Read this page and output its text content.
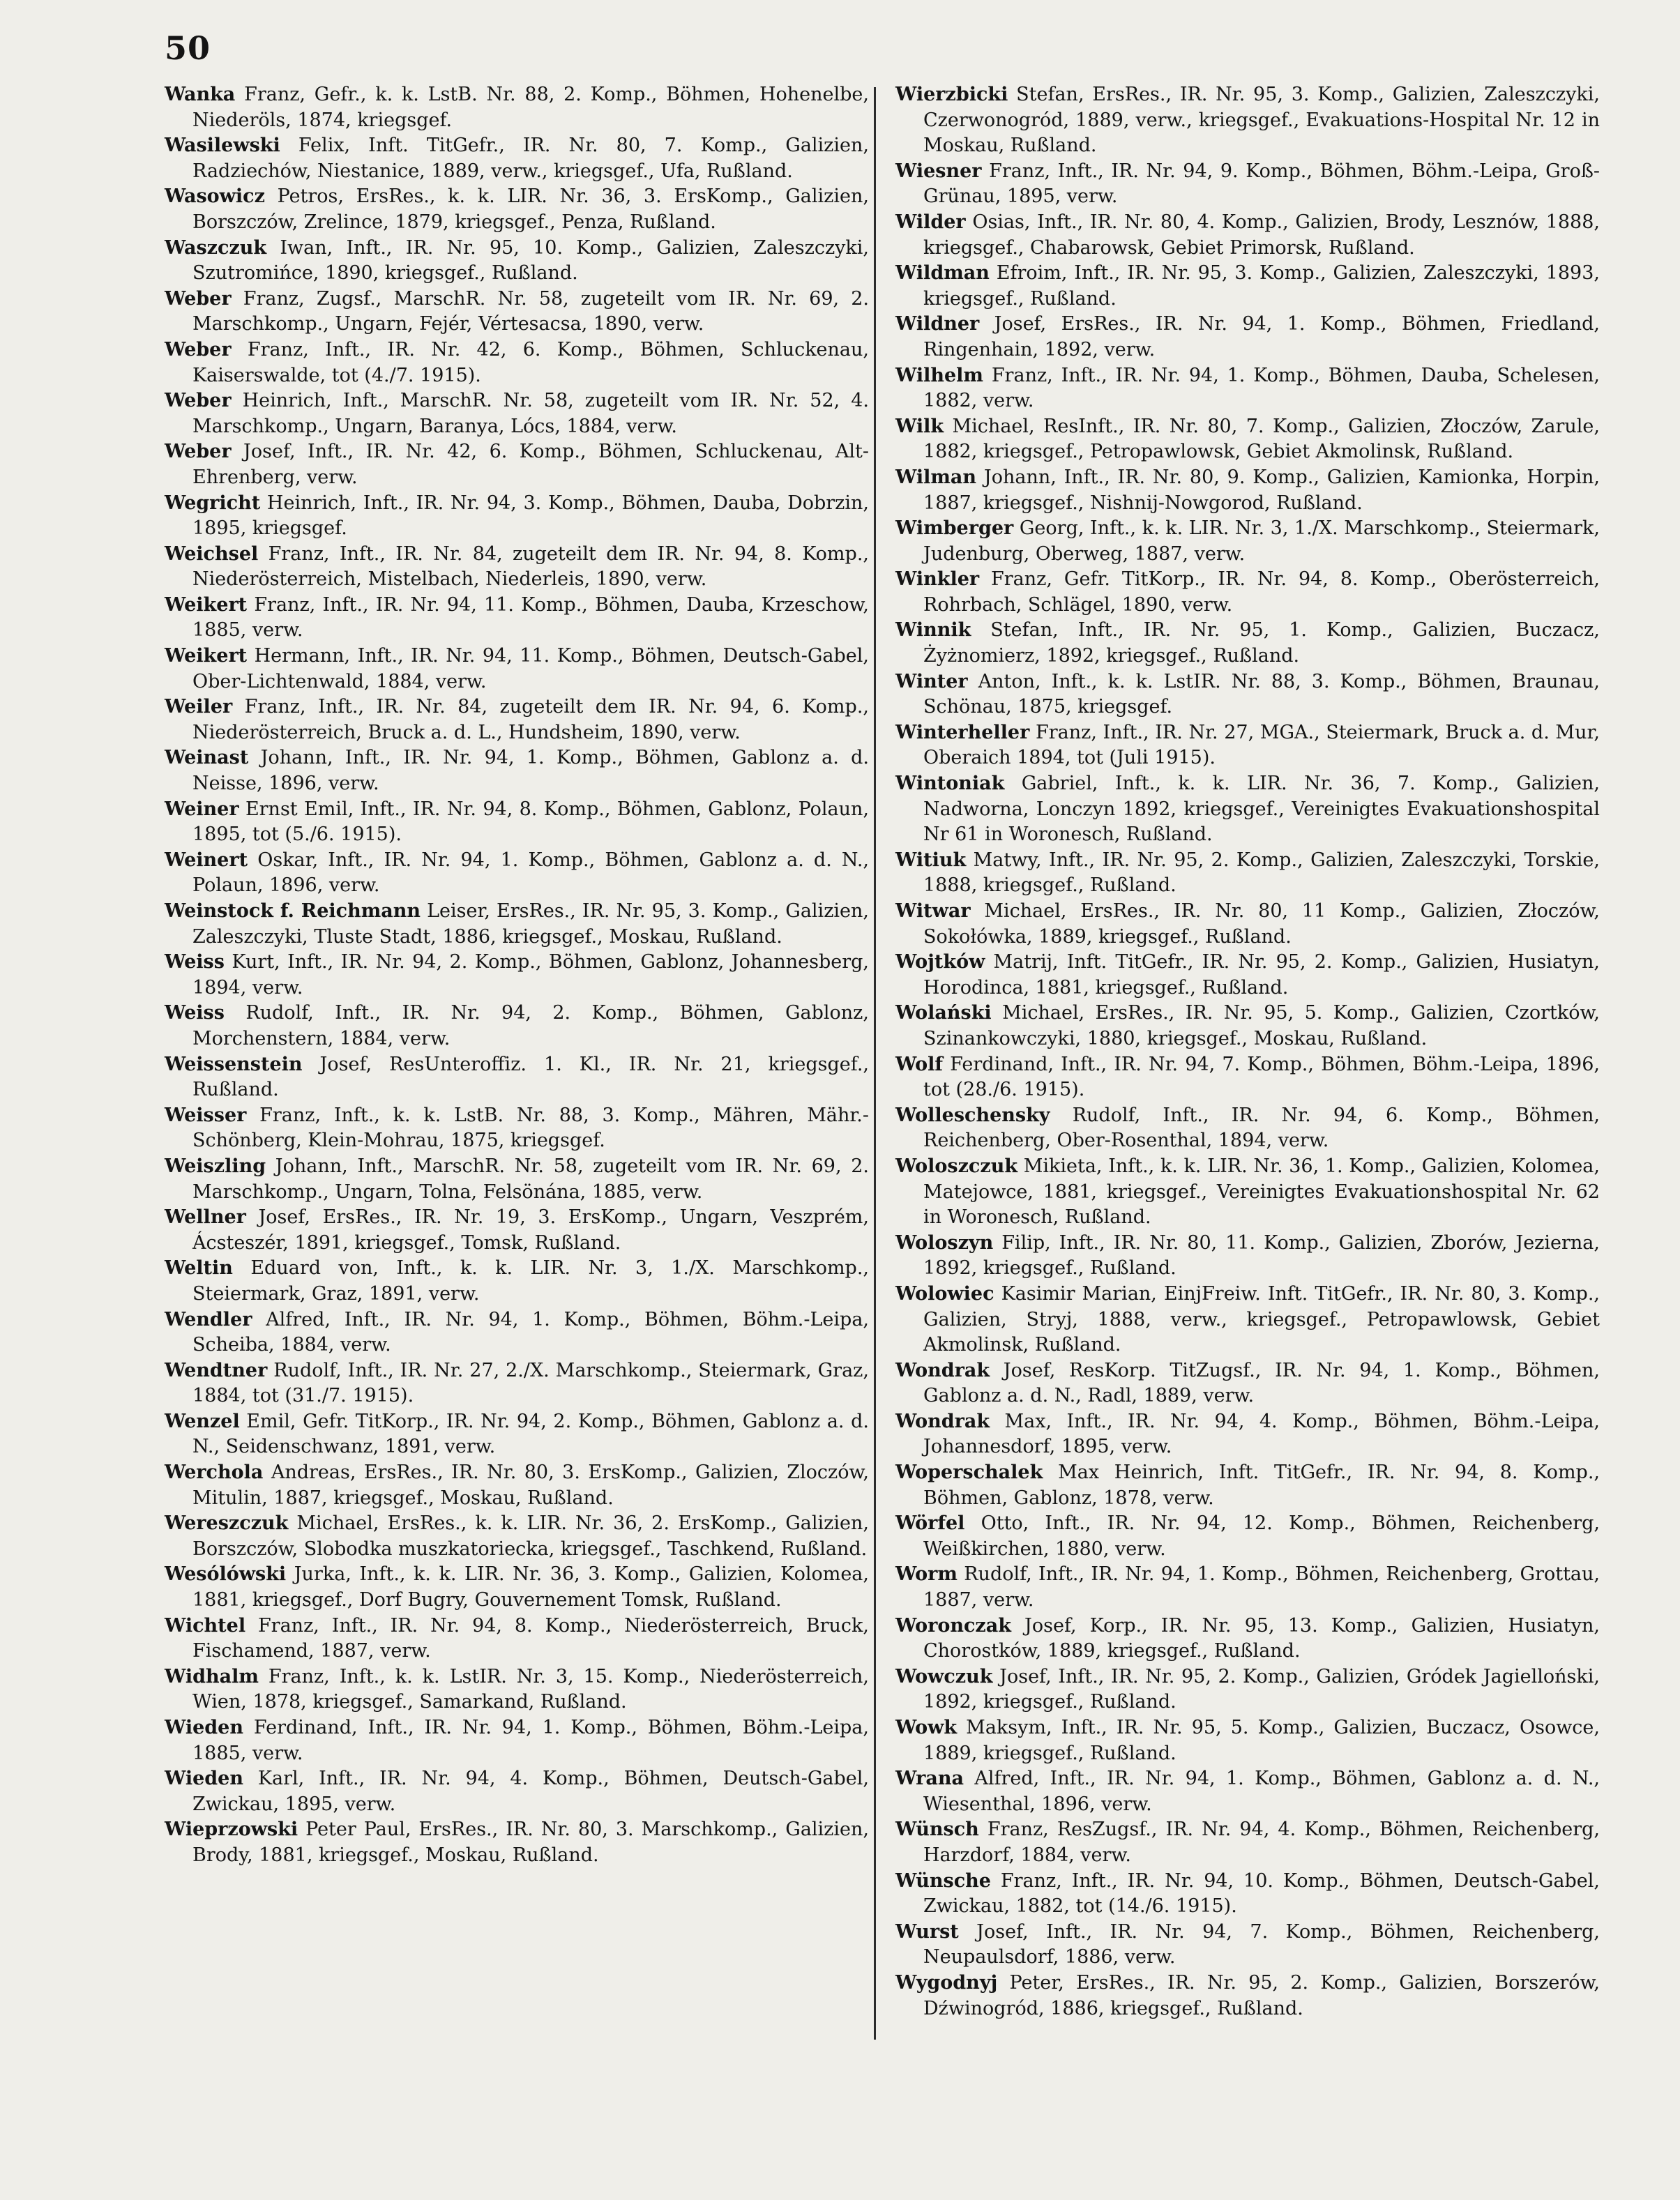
50

Wanka Franz, Gefr., k. k. LstB. Nr. 88, 2. Komp., Böhmen, Hohenelbe, Niederöls, 1874, kriegsgef.

Wasilewski Felix, Inft. TitGefr., IR. Nr. 80, 7. Komp., Galizien, Radziechów, Niestanice, 1889, verw., kriegsgef., Ufa, Rußland.

Wasowicz Petros, ErsRes., k. k. LIR. Nr. 36, 3. ErsKomp., Galizien, Borszczów, Zrelince, 1879, kriegsgef., Penza, Rußland.

Waszczuk Iwan, Inft., IR. Nr. 95, 10. Komp., Galizien, Zaleszczyki, Szutromińce, 1890, kriegsgef., Rußland.

Weber Franz, Zugsf., MarschR. Nr. 58, zugeteilt vom IR. Nr. 69, 2. Marschkomp., Ungarn, Fejér, Vértesacsa, 1890, verw.

Weber Franz, Inft., IR. Nr. 42, 6. Komp., Böhmen, Schluckenau, Kaiserswalde, tot (4./7. 1915).

Weber Heinrich, Inft., MarschR. Nr. 58, zugeteilt vom IR. Nr. 52, 4. Marschkomp., Ungarn, Baranya, Lócs, 1884, verw.

Weber Josef, Inft., IR. Nr. 42, 6. Komp., Böhmen, Schluckenau, Alt-Ehrenberg, verw.

Wegricht Heinrich, Inft., IR. Nr. 94, 3. Komp., Böhmen, Dauba, Dobrzin, 1895, kriegsgef.

Weichsel Franz, Inft., IR. Nr. 84, zugeteilt dem IR. Nr. 94, 8. Komp., Niederösterreich, Mistelbach, Niederleis, 1890, verw.

Weikert Franz, Inft., IR. Nr. 94, 11. Komp., Böhmen, Dauba, Krzeschow, 1885, verw.

Weikert Hermann, Inft., IR. Nr. 94, 11. Komp., Böhmen, Deutsch-Gabel, Ober-Lichtenwald, 1884, verw.

Weiler Franz, Inft., IR. Nr. 84, zugeteilt dem IR. Nr. 94, 6. Komp., Niederösterreich, Bruck a. d. L., Hundsheim, 1890, verw.

Weinast Johann, Inft., IR. Nr. 94, 1. Komp., Böhmen, Gablonz a. d. Neisse, 1896, verw.

Weiner Ernst Emil, Inft., IR. Nr. 94, 8. Komp., Böhmen, Gablonz, Polaun, 1895, tot (5./6. 1915).

Weinert Oskar, Inft., IR. Nr. 94, 1. Komp., Böhmen, Gablonz a. d. N., Polaun, 1896, verw.

Weinstock f. Reichmann Leiser, ErsRes., IR. Nr. 95, 3. Komp., Galizien, Zaleszczyki, Tluste Stadt, 1886, kriegsgef., Moskau, Rußland.

Weiss Kurt, Inft., IR. Nr. 94, 2. Komp., Böhmen, Gablonz, Johannesberg, 1894, verw.

Weiss Rudolf, Inft., IR. Nr. 94, 2. Komp., Böhmen, Gablonz, Morchenstern, 1884, verw.

Weissenstein Josef, ResUnteroffiz. 1. Kl., IR. Nr. 21, kriegsgef., Rußland.

Weisser Franz, Inft., k. k. LstB. Nr. 88, 3. Komp., Mähren, Mähr.-Schönberg, Klein-Mohrau, 1875, kriegsgef.

Weiszling Johann, Inft., MarschR. Nr. 58, zugeteilt vom IR. Nr. 69, 2. Marschkomp., Ungarn, Tolna, Felsönána, 1885, verw.

Wellner Josef, ErsRes., IR. Nr. 19, 3. ErsKomp., Ungarn, Veszprém, Ácsteszér, 1891, kriegsgef., Tomsk, Rußland.

Weltin Eduard von, Inft., k. k. LIR. Nr. 3, 1./X. Marschkomp., Steiermark, Graz, 1891, verw.

Wendler Alfred, Inft., IR. Nr. 94, 1. Komp., Böhmen, Böhm.-Leipa, Scheiba, 1884, verw.

Wendtner Rudolf, Inft., IR. Nr. 27, 2./X. Marschkomp., Steiermark, Graz, 1884, tot (31./7. 1915).

Wenzel Emil, Gefr. TitKorp., IR. Nr. 94, 2. Komp., Böhmen, Gablonz a. d. N., Seidenschwanz, 1891, verw.

Werchola Andreas, ErsRes., IR. Nr. 80, 3. ErsKomp., Galizien, Zloczów, Mitulin, 1887, kriegsgef., Moskau, Rußland.

Wereszczuk Michael, ErsRes., k. k. LIR. Nr. 36, 2. ErsKomp., Galizien, Borszczów, Slobodka muszkatoriecka, kriegsgef., Taschkend, Rußland.

Wesólówski Jurka, Inft., k. k. LIR. Nr. 36, 3. Komp., Galizien, Kolomea, 1881, kriegsgef., Dorf Bugry, Gouvernement Tomsk, Rußland.

Wichtel Franz, Inft., IR. Nr. 94, 8. Komp., Niederösterreich, Bruck, Fischamend, 1887, verw.

Widhalm Franz, Inft., k. k. LstIR. Nr. 3, 15. Komp., Niederösterreich, Wien, 1878, kriegsgef., Samarkand, Rußland.

Wieden Ferdinand, Inft., IR. Nr. 94, 1. Komp., Böhmen, Böhm.-Leipa, 1885, verw.

Wieden Karl, Inft., IR. Nr. 94, 4. Komp., Böhmen, Deutsch-Gabel, Zwickau, 1895, verw.

Wieprzowski Peter Paul, ErsRes., IR. Nr. 80, 3. Marschkomp., Galizien, Brody, 1881, kriegsgef., Moskau, Rußland.

Wierzbicki Stefan, ErsRes., IR. Nr. 95, 3. Komp., Galizien, Zaleszczyki, Czerwonogród, 1889, verw., kriegsgef., Evakuations-Hospital Nr. 12 in Moskau, Rußland.

Wiesner Franz, Inft., IR. Nr. 94, 9. Komp., Böhmen, Böhm.-Leipa, Groß-Grünau, 1895, verw.

Wilder Osias, Inft., IR. Nr. 80, 4. Komp., Galizien, Brody, Lesznów, 1888, kriegsgef., Chabarowsk, Gebiet Primorsk, Rußland.

Wildman Efroim, Inft., IR. Nr. 95, 3. Komp., Galizien, Zaleszczyki, 1893, kriegsgef., Rußland.

Wildner Josef, ErsRes., IR. Nr. 94, 1. Komp., Böhmen, Friedland, Ringenhain, 1892, verw.

Wilhelm Franz, Inft., IR. Nr. 94, 1. Komp., Böhmen, Dauba, Schelesen, 1882, verw.

Wilk Michael, ResInft., IR. Nr. 80, 7. Komp., Galizien, Złoczów, Zarule, 1882, kriegsgef., Petropawlowsk, Gebiet Akmolinsk, Rußland.

Wilman Johann, Inft., IR. Nr. 80, 9. Komp., Galizien, Kamionka, Horpin, 1887, kriegsgef., Nishnij-Nowgorod, Rußland.

Wimberger Georg, Inft., k. k. LIR. Nr. 3, 1./X. Marschkomp., Steiermark, Judenburg, Oberweg, 1887, verw.

Winkler Franz, Gefr. TitKorp., IR. Nr. 94, 8. Komp., Oberösterreich, Rohrbach, Schlägel, 1890, verw.

Winnik Stefan, Inft., IR. Nr. 95, 1. Komp., Galizien, Buczacz, Żyżnomierz, 1892, kriegsgef., Rußland.

Winter Anton, Inft., k. k. LstIR. Nr. 88, 3. Komp., Böhmen, Braunau, Schönau, 1875, kriegsgef.

Winterheller Franz, Inft., IR. Nr. 27, MGA., Steiermark, Bruck a. d. Mur, Oberaich 1894, tot (Juli 1915).

Wintoniak Gabriel, Inft., k. k. LIR. Nr. 36, 7. Komp., Galizien, Nadworna, Lonczyn 1892, kriegsgef., Vereinigtes Evakuationshospital Nr 61 in Woronesch, Rußland.

Witiuk Matwy, Inft., IR. Nr. 95, 2. Komp., Galizien, Zaleszczyki, Torskie, 1888, kriegsgef., Rußland.

Witwar Michael, ErsRes., IR. Nr. 80, 11 Komp., Galizien, Złoczów, Sokołówka, 1889, kriegsgef., Rußland.

Wojtków Matrij, Inft. TitGefr., IR. Nr. 95, 2. Komp., Galizien, Husiatyn, Horodinca, 1881, kriegsgef., Rußland.

Wolański Michael, ErsRes., IR. Nr. 95, 5. Komp., Galizien, Czortków, Szinankowczyki, 1880, kriegsgef., Moskau, Rußland.

Wolf Ferdinand, Inft., IR. Nr. 94, 7. Komp., Böhmen, Böhm.-Leipa, 1896, tot (28./6. 1915).

Wolleschensky Rudolf, Inft., IR. Nr. 94, 6. Komp., Böhmen, Reichenberg, Ober-Rosenthal, 1894, verw.

Woloszczuk Mikieta, Inft., k. k. LIR. Nr. 36, 1. Komp., Galizien, Kolomea, Matejowce, 1881, kriegsgef., Vereinigtes Evakuationshospital Nr. 62 in Woronesch, Rußland.

Woloszyn Filip, Inft., IR. Nr. 80, 11. Komp., Galizien, Zborów, Jezierna, 1892, kriegsgef., Rußland.

Wolowiec Kasimir Marian, EinjFreiw. Inft. TitGefr., IR. Nr. 80, 3. Komp., Galizien, Stryj, 1888, verw., kriegsgef., Petropawlowsk, Gebiet Akmolinsk, Rußland.

Wondrak Josef, ResKorp. TitZugsf., IR. Nr. 94, 1. Komp., Böhmen, Gablonz a. d. N., Radl, 1889, verw.

Wondrak Max, Inft., IR. Nr. 94, 4. Komp., Böhmen, Böhm.-Leipa, Johannesdorf, 1895, verw.

Woperschalek Max Heinrich, Inft. TitGefr., IR. Nr. 94, 8. Komp., Böhmen, Gablonz, 1878, verw.

Wörfel Otto, Inft., IR. Nr. 94, 12. Komp., Böhmen, Reichenberg, Weißkirchen, 1880, verw.

Worm Rudolf, Inft., IR. Nr. 94, 1. Komp., Böhmen, Reichenberg, Grottau, 1887, verw.

Woronczak Josef, Korp., IR. Nr. 95, 13. Komp., Galizien, Husiatyn, Chorostków, 1889, kriegsgef., Rußland.

Wowczuk Josef, Inft., IR. Nr. 95, 2. Komp., Galizien, Gródek Jagielloński, 1892, kriegsgef., Rußland.

Wowk Maksym, Inft., IR. Nr. 95, 5. Komp., Galizien, Buczacz, Osowce, 1889, kriegsgef., Rußland.

Wrana Alfred, Inft., IR. Nr. 94, 1. Komp., Böhmen, Gablonz a. d. N., Wiesenthal, 1896, verw.

Wünsch Franz, ResZugsf., IR. Nr. 94, 4. Komp., Böhmen, Reichenberg, Harzdorf, 1884, verw.

Wünsche Franz, Inft., IR. Nr. 94, 10. Komp., Böhmen, Deutsch-Gabel, Zwickau, 1882, tot (14./6. 1915).

Wurst Josef, Inft., IR. Nr. 94, 7. Komp., Böhmen, Reichenberg, Neupaulsdorf, 1886, verw.

Wygodnyj Peter, ErsRes., IR. Nr. 95, 2. Komp., Galizien, Borszerów, Dźwinogród, 1886, kriegsgef., Rußland.
